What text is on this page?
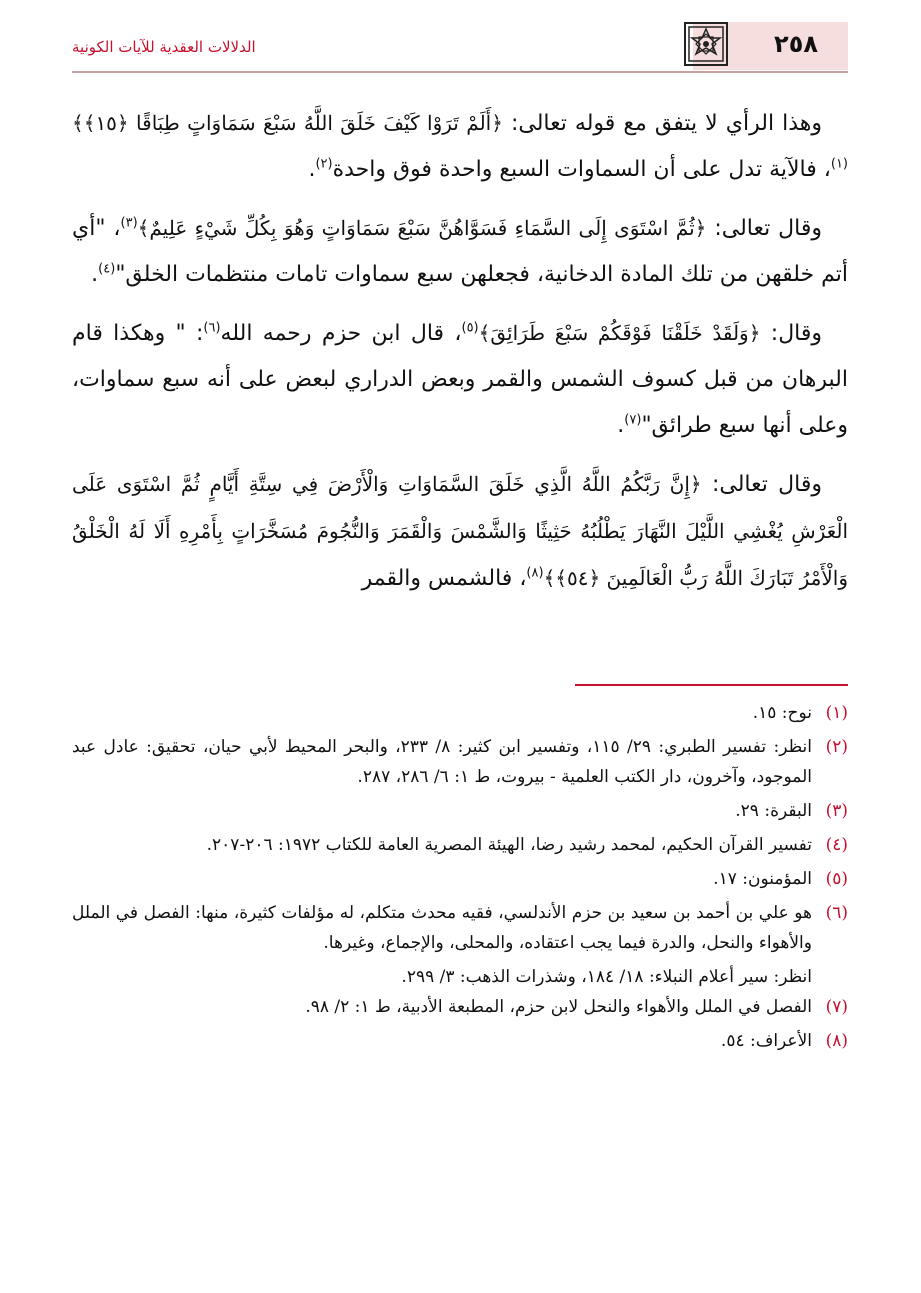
٢٥٨
الدلالات العقدية للآيات الكونية

وهذا الرأي لا يتفق مع قوله تعالى: ﴿أَلَمْ تَرَوْا كَيْفَ خَلَقَ اللَّهُ سَبْعَ سَمَاوَاتٍ طِبَاقًا ﴿١٥﴾﴾$^{(١)}$، فالآية تدل على أن السماوات السبع واحدة فوق واحدة$^{(٢)}$.

وقال تعالى: ﴿ثُمَّ اسْتَوَى إِلَى السَّمَاءِ فَسَوَّاهُنَّ سَبْعَ سَمَاوَاتٍ وَهُوَ بِكُلِّ شَيْءٍ عَلِيمٌ﴾$^{(٣)}$، "أي أتم خلقهن من تلك المادة الدخانية، فجعلهن سبع سماوات تامات منتظمات الخلق"$^{(٤)}$.

وقال: ﴿وَلَقَدْ خَلَقْنَا فَوْقَكُمْ سَبْعَ طَرَائِقَ﴾$^{(٥)}$، قال ابن حزم رحمه الله$^{(٦)}$: " وهكذا قام البرهان من قبل كسوف الشمس والقمر وبعض الدراري لبعض على أنه سبع سماوات، وعلى أنها سبع طرائق"$^{(٧)}$.

وقال تعالى: ﴿إِنَّ رَبَّكُمُ اللَّهُ الَّذِي خَلَقَ السَّمَاوَاتِ وَالْأَرْضَ فِي سِتَّةِ أَيَّامٍ ثُمَّ اسْتَوَى عَلَى الْعَرْشِ يُغْشِي اللَّيْلَ النَّهَارَ يَطْلُبُهُ حَثِيثًا وَالشَّمْسَ وَالْقَمَرَ وَالنُّجُومَ مُسَخَّرَاتٍ بِأَمْرِهِ أَلَا لَهُ الْخَلْقُ وَالْأَمْرُ تَبَارَكَ اللَّهُ رَبُّ الْعَالَمِينَ ﴿٥٤﴾﴾$^{(٨)}$، فالشمس والقمر

(١)
نوح: ١٥.
(٢)
انظر: تفسير الطبري: ٢٩/ ١١٥، وتفسير ابن كثير: ٨/ ٢٣٣، والبحر المحيط لأبي حيان، تحقيق: عادل عبد الموجود، وآخرون، دار الكتب العلمية - بيروت، ط ١: ٦/ ٢٨٦، ٢٨٧.
(٣)
البقرة: ٢٩.
(٤)
تفسير القرآن الحكيم، لمحمد رشيد رضا، الهيئة المصرية العامة للكتاب ١٩٧٢: ٢٠٦-٢٠٧.
(٥)
المؤمنون: ١٧.
(٦)
هو علي بن أحمد بن سعيد بن حزم الأندلسي، فقيه محدث متكلم، له مؤلفات كثيرة، منها: الفصل في الملل والأهواء والنحل، والدرة فيما يجب اعتقاده، والمحلى، والإجماع، وغيرها.
انظر: سير أعلام النبلاء: ١٨/ ١٨٤، وشذرات الذهب: ٣/ ٢٩٩.
(٧)
الفصل في الملل والأهواء والنحل لابن حزم، المطبعة الأدبية، ط ١: ٢/ ٩٨.
(٨)
الأعراف: ٥٤.
